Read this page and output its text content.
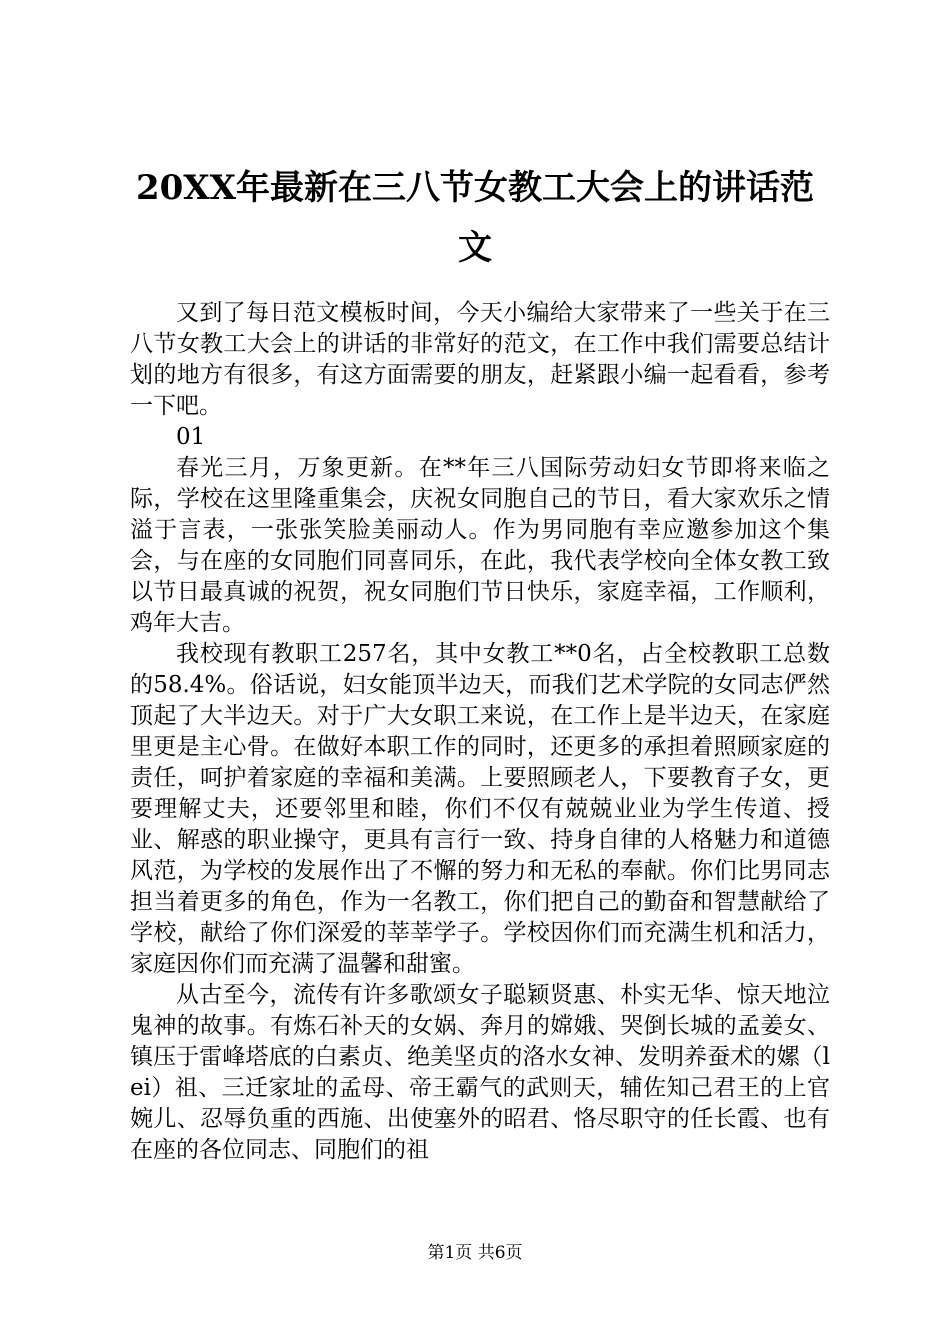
20XX年最新在三八节女教工大会上的讲话范文

又到了每日范文模板时间，今天小编给大家带来了一些关于在三八节女教工大会上的讲话的非常好的范文，在工作中我们需要总结计划的地方有很多，有这方面需要的朋友，赶紧跟小编一起看看，参考一下吧。

01

春光三月，万象更新。在**年三八国际劳动妇女节即将来临之际，学校在这里隆重集会，庆祝女同胞自己的节日，看大家欢乐之情溢于言表，一张张笑脸美丽动人。作为男同胞有幸应邀参加这个集会，与在座的女同胞们同喜同乐，在此，我代表学校向全体女教工致以节日最真诚的祝贺，祝女同胞们节日快乐，家庭幸福，工作顺利，鸡年大吉。

我校现有教职工257名，其中女教工**0名，占全校教职工总数的58.4%。俗话说，妇女能顶半边天，而我们艺术学院的女同志俨然顶起了大半边天。对于广大女职工来说，在工作上是半边天，在家庭里更是主心骨。在做好本职工作的同时，还更多的承担着照顾家庭的责任，呵护着家庭的幸福和美满。上要照顾老人，下要教育子女，更要理解丈夫，还要邻里和睦，你们不仅有兢兢业业为学生传道、授业、解惑的职业操守，更具有言行一致、持身自律的人格魅力和道德风范，为学校的发展作出了不懈的努力和无私的奉献。你们比男同志担当着更多的角色，作为一名教工，你们把自己的勤奋和智慧献给了学校，献给了你们深爱的莘莘学子。学校因你们而充满生机和活力，家庭因你们而充满了温馨和甜蜜。

从古至今，流传有许多歌颂女子聪颖贤惠、朴实无华、惊天地泣鬼神的故事。有炼石补天的女娲、奔月的嫦娥、哭倒长城的孟姜女、镇压于雷峰塔底的白素贞、绝美坚贞的洛水女神、发明养蚕术的嫘（lei）祖、三迁家址的孟母、帝王霸气的武则天，辅佐知己君王的上官婉儿、忍辱负重的西施、出使塞外的昭君、恪尽职守的任长霞、也有在座的各位同志、同胞们的祖

第1页 共6页
